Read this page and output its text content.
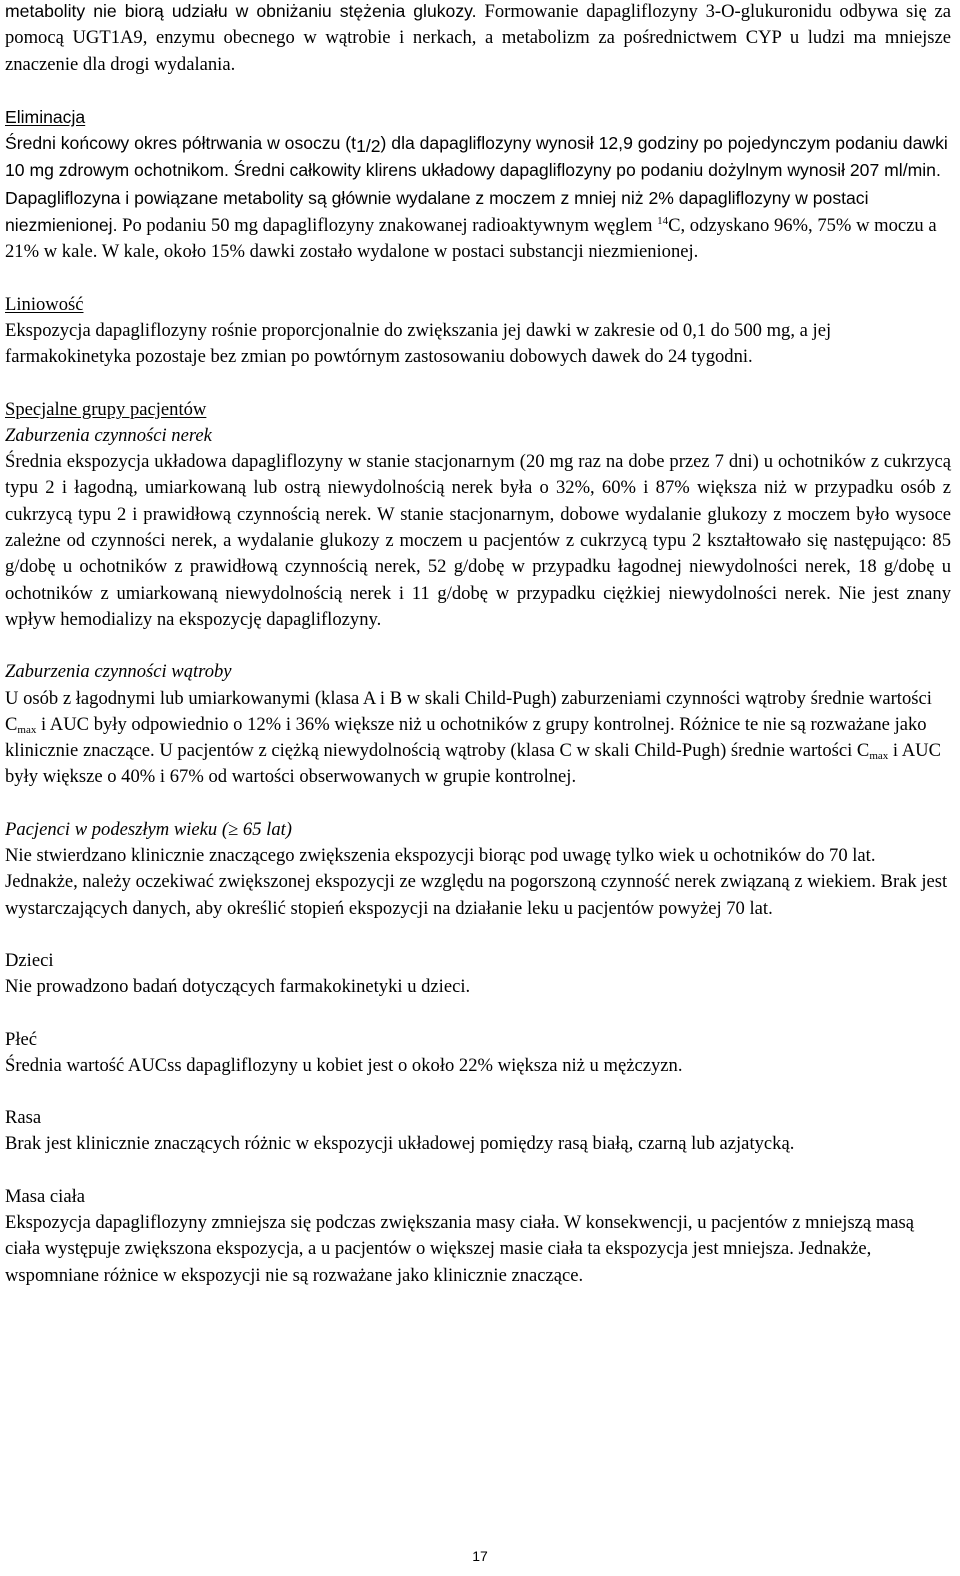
metabolity nie biorą udziału w obniżaniu stężenia glukozy. Formowanie dapagliflozyny 3-O-glukuronidu odbywa się za pomocą UGT1A9, enzymu obecnego w wątrobie i nerkach, a metabolizm za pośrednictwem CYP u ludzi ma mniejsze znaczenie dla drogi wydalania.

Eliminacja

Średni końcowy okres półtrwania w osoczu $(t_{1/2})$ dla dapagliflozyny wynosił 12,9 godziny po pojedynczym podaniu dawki 10 mg zdrowym ochotnikom. Średni całkowity klirens układowy dapagliflozyny po podaniu dożylnym wynosił 207 ml/min. Dapagliflozyna i powiązane metabolity są głównie wydalane z moczem z mniej niż 2% dapagliflozyny w postaci niezmienionej. Po podaniu 50 mg dapagliflozyny znakowanej radioaktywnym węglem $^{14}$C, odzyskano 96%, 75% w moczu a 21% w kale. W kale, około 15% dawki zostało wydalone w postaci substancji niezmienionej.

Liniowość

Ekspozycja dapagliflozyny rośnie proporcjonalnie do zwiększania jej dawki w zakresie od 0,1 do 500 mg, a jej farmakokinetyka pozostaje bez zmian po powtórnym zastosowaniu dobowych dawek do 24 tygodni.

Specjalne grupy pacjentów

Zaburzenia czynności nerek

Średnia ekspozycja układowa dapagliflozyny w stanie stacjonarnym (20 mg raz na dobe przez 7 dni) u ochotników z cukrzycą typu 2 i łagodną, umiarkowaną lub ostrą niewydolnością nerek była o 32%, 60% i 87% większa niż w przypadku osób z cukrzycą typu 2 i prawidłową czynnością nerek. W stanie stacjonarnym, dobowe wydalanie glukozy z moczem było wysoce zależne od czynności nerek, a wydalanie glukozy z moczem u pacjentów z cukrzycą typu 2 kształtowało się następująco: 85 g/dobę u ochotników z prawidłową czynnością nerek, 52 g/dobę w przypadku łagodnej niewydolności nerek, 18 g/dobę u ochotników z umiarkowaną niewydolnością nerek i 11 g/dobę w przypadku ciężkiej niewydolności nerek. Nie jest znany wpływ hemodializy na ekspozycję dapagliflozyny.

Zaburzenia czynności wątroby

U osób z łagodnymi lub umiarkowanymi (klasa A i B w skali Child-Pugh) zaburzeniami czynności wątroby średnie wartości $C_{max}$ i AUC były odpowiednio o 12% i 36% większe niż u ochotników z grupy kontrolnej. Różnice te nie są rozważane jako klinicznie znaczące. U pacjentów z ciężką niewydolnością wątroby (klasa C w skali Child-Pugh) średnie wartości $C_{max}$ i AUC były większe o 40% i 67% od wartości obserwowanych w grupie kontrolnej.

Pacjenci w podeszłym wieku (≥ 65 lat)

Nie stwierdzano klinicznie znaczącego zwiększenia ekspozycji biorąc pod uwagę tylko wiek u ochotników do 70 lat. Jednakże, należy oczekiwać zwiększonej ekspozycji ze względu na pogorszoną czynność nerek związaną z wiekiem. Brak jest wystarczających danych, aby określić stopień ekspozycji na działanie leku u pacjentów powyżej 70 lat.

Dzieci

Nie prowadzono badań dotyczących farmakokinetyki u dzieci.

Płeć

Średnia wartość AUCss dapagliflozyny u kobiet jest o około 22% większa niż u mężczyzn.

Rasa

Brak jest klinicznie znaczących różnic w ekspozycji układowej pomiędzy rasą białą, czarną lub azjatycką.

Masa ciała

Ekspozycja dapagliflozyny zmniejsza się podczas zwiększania masy ciała. W konsekwencji, u pacjentów z mniejszą masą ciała występuje zwiększona ekspozycja, a u pacjentów o większej masie ciała ta ekspozycja jest mniejsza. Jednakże, wspomniane różnice w ekspozycji nie są rozważane jako klinicznie znaczące.

17
